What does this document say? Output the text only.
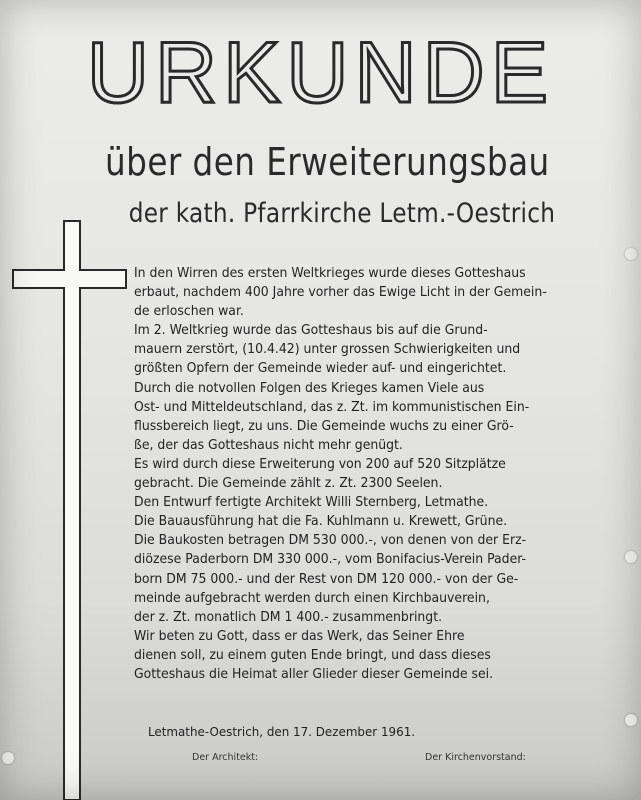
URKUNDE
über den Erweiterungsbau
der kath. Pfarrkirche Letm.-Oestrich
In den Wirren des ersten Weltkrieges wurde dieses Gotteshaus
erbaut, nachdem 400 Jahre vorher das Ewige Licht in der Gemein-
de erloschen war.
Im 2. Weltkrieg wurde das Gotteshaus bis auf die Grund-
mauern zerstört, (10.4.42) unter grossen Schwierigkeiten und
größten Opfern der Gemeinde wieder auf- und eingerichtet.
Durch die notvollen Folgen des Krieges kamen Viele aus
Ost- und Mitteldeutschland, das z. Zt. im kommunistischen Ein-
flussbereich liegt, zu uns. Die Gemeinde wuchs zu einer Grö-
ße, der das Gotteshaus nicht mehr genügt.
Es wird durch diese Erweiterung von 200 auf 520 Sitzplätze
gebracht. Die Gemeinde zählt z. Zt. 2300 Seelen.
Den Entwurf fertigte Architekt Willi Sternberg, Letmathe.
Die Bauausführung hat die Fa. Kuhlmann u. Krewett, Grüne.
Die Baukosten betragen DM 530 000.-, von denen von der Erz-
diözese Paderborn DM 330 000.-, vom Bonifacius-Verein Pader-
born DM 75 000.- und der Rest von DM 120 000.- von der Ge-
meinde aufgebracht werden durch einen Kirchbauverein,
der z. Zt. monatlich DM 1 400.- zusammenbringt.
Wir beten zu Gott, dass er das Werk, das Seiner Ehre
dienen soll, zu einem guten Ende bringt, und dass dieses
Gotteshaus die Heimat aller Glieder dieser Gemeinde sei.
Letmathe-Oestrich, den 17. Dezember 1961.
Der Architekt:	Der Kirchenvorstand:
